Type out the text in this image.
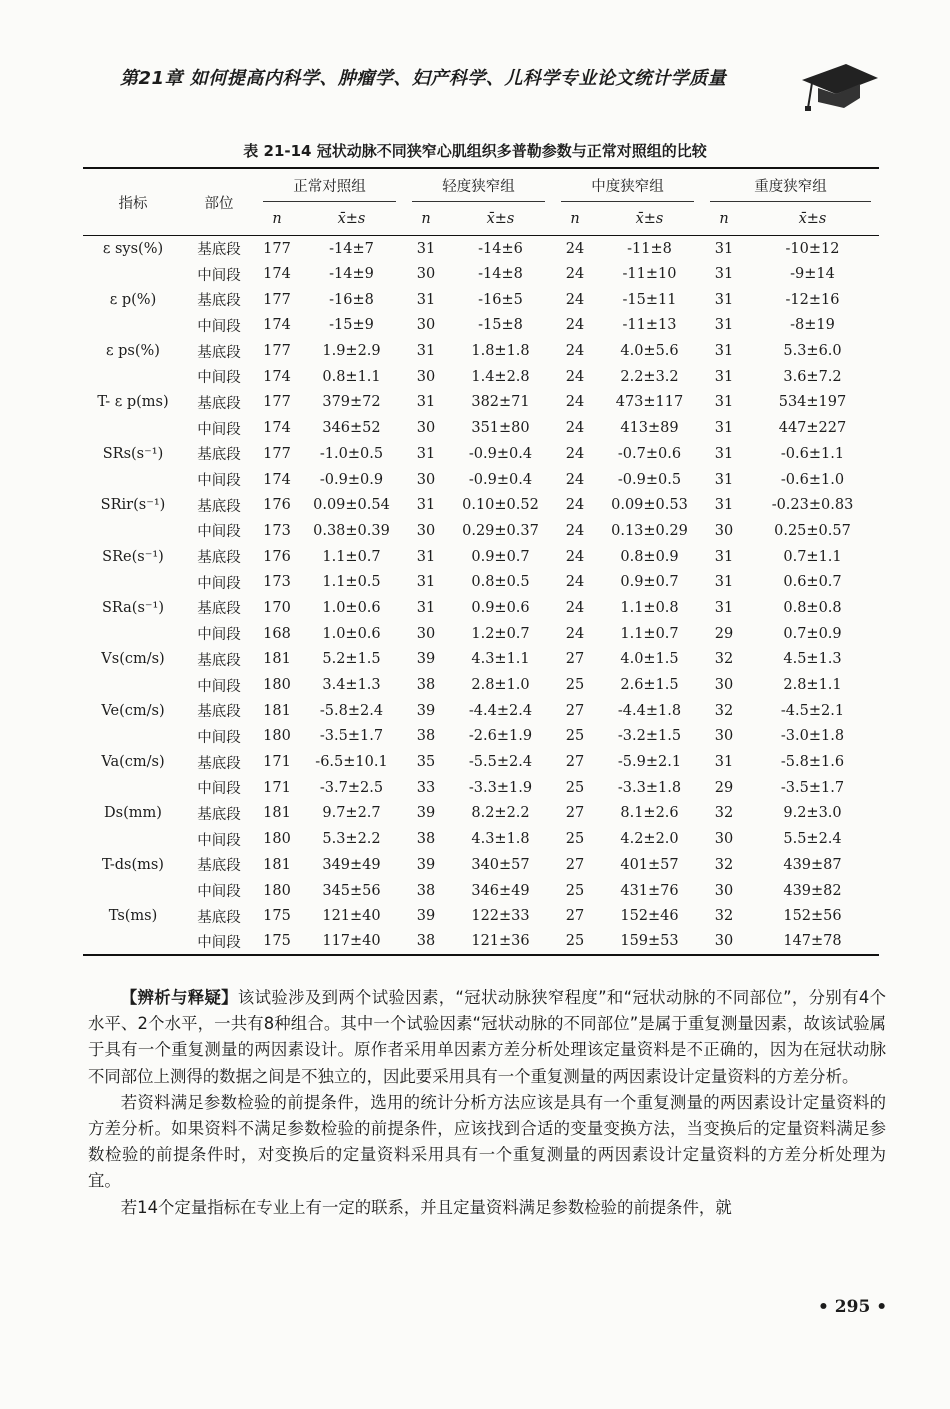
第21章 如何提高内科学、肿瘤学、妇产科学、儿科学专业论文统计学质量
表 21-14 冠状动脉不同狭窄心肌组织多普勒参数与正常对照组的比较
指标	部位	正常对照组		轻度狭窄组		中度狭窄组		重度狭窄组	

		n	x̄±s	n	x̄±s	n	x̄±s	n	x̄±s
ε sys(%)	基底段	177	-14±7	31	-14±6	24	-11±8	31	-10±12
	中间段	174	-14±9	30	-14±8	24	-11±10	31	-9±14
ε p(%)	基底段	177	-16±8	31	-16±5	24	-15±11	31	-12±16
	中间段	174	-15±9	30	-15±8	24	-11±13	31	-8±19
ε ps(%)	基底段	177	1.9±2.9	31	1.8±1.8	24	4.0±5.6	31	5.3±6.0
	中间段	174	0.8±1.1	30	1.4±2.8	24	2.2±3.2	31	3.6±7.2
T- ε p(ms)	基底段	177	379±72	31	382±71	24	473±117	31	534±197
	中间段	174	346±52	30	351±80	24	413±89	31	447±227
SRs(s⁻¹)	基底段	177	-1.0±0.5	31	-0.9±0.4	24	-0.7±0.6	31	-0.6±1.1
	中间段	174	-0.9±0.9	30	-0.9±0.4	24	-0.9±0.5	31	-0.6±1.0
SRir(s⁻¹)	基底段	176	0.09±0.54	31	0.10±0.52	24	0.09±0.53	31	-0.23±0.83
	中间段	173	0.38±0.39	30	0.29±0.37	24	0.13±0.29	30	0.25±0.57
SRe(s⁻¹)	基底段	176	1.1±0.7	31	0.9±0.7	24	0.8±0.9	31	0.7±1.1
	中间段	173	1.1±0.5	31	0.8±0.5	24	0.9±0.7	31	0.6±0.7
SRa(s⁻¹)	基底段	170	1.0±0.6	31	0.9±0.6	24	1.1±0.8	31	0.8±0.8
	中间段	168	1.0±0.6	30	1.2±0.7	24	1.1±0.7	29	0.7±0.9
Vs(cm/s)	基底段	181	5.2±1.5	39	4.3±1.1	27	4.0±1.5	32	4.5±1.3
	中间段	180	3.4±1.3	38	2.8±1.0	25	2.6±1.5	30	2.8±1.1
Ve(cm/s)	基底段	181	-5.8±2.4	39	-4.4±2.4	27	-4.4±1.8	32	-4.5±2.1
	中间段	180	-3.5±1.7	38	-2.6±1.9	25	-3.2±1.5	30	-3.0±1.8
Va(cm/s)	基底段	171	-6.5±10.1	35	-5.5±2.4	27	-5.9±2.1	31	-5.8±1.6
	中间段	171	-3.7±2.5	33	-3.3±1.9	25	-3.3±1.8	29	-3.5±1.7
Ds(mm)	基底段	181	9.7±2.7	39	8.2±2.2	27	8.1±2.6	32	9.2±3.0
	中间段	180	5.3±2.2	38	4.3±1.8	25	4.2±2.0	30	5.5±2.4
T-ds(ms)	基底段	181	349±49	39	340±57	27	401±57	32	439±87
	中间段	180	345±56	38	346±49	25	431±76	30	439±82
Ts(ms)	基底段	175	121±40	39	122±33	27	152±46	32	152±56
	中间段	175	117±40	38	121±36	25	159±53	30	147±78

【辨析与释疑】该试验涉及到两个试验因素，“冠状动脉狭窄程度”和“冠状动脉的不同部位”，分别有4个水平、2个水平，一共有8种组合。其中一个试验因素“冠状动脉的不同部位”是属于重复测量因素，故该试验属于具有一个重复测量的两因素设计。原作者采用单因素方差分析处理该定量资料是不正确的，因为在冠状动脉不同部位上测得的数据之间是不独立的，因此要采用具有一个重复测量的两因素设计定量资料的方差分析。

若资料满足参数检验的前提条件，选用的统计分析方法应该是具有一个重复测量的两因素设计定量资料的方差分析。如果资料不满足参数检验的前提条件，应该找到合适的变量变换方法，当变换后的定量资料满足参数检验的前提条件时，对变换后的定量资料采用具有一个重复测量的两因素设计定量资料的方差分析处理为宜。

若14个定量指标在专业上有一定的联系，并且定量资料满足参数检验的前提条件，就

• 295 •
